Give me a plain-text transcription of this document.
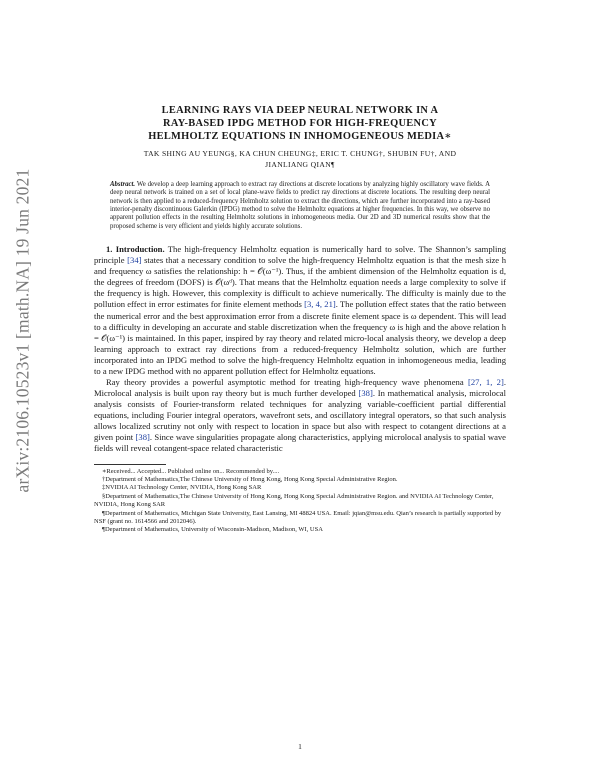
arXiv:2106.10523v1 [math.NA] 19 Jun 2021
LEARNING RAYS VIA DEEP NEURAL NETWORK IN A
RAY-BASED IPDG METHOD FOR HIGH-FREQUENCY
HELMHOLTZ EQUATIONS IN INHOMOGENEOUS MEDIA∗
TAK SHING AU YEUNG§, KA CHUN CHEUNG‡, ERIC T. CHUNG†, SHUBIN FU†, AND
JIANLIANG QIAN¶
Abstract. We develop a deep learning approach to extract ray directions at discrete locations by analyzing highly oscillatory wave fields. A deep neural network is trained on a set of local plane-wave fields to predict ray directions at discrete locations. The resulting deep neural network is then applied to a reduced-frequency Helmholtz solution to extract the directions, which are further incorporated into a ray-based interior-penalty discontinuous Galerkin (IPDG) method to solve the Helmholtz equations at higher frequencies. In this way, we observe no apparent pollution effects in the resulting Helmholtz solutions in inhomogeneous media. Our 2D and 3D numerical results show that the proposed scheme is very efficient and yields highly accurate solutions.

1. Introduction. The high-frequency Helmholtz equation is numerically hard to solve. The Shannon’s sampling principle [34] states that a necessary condition to solve the high-frequency Helmholtz equation is that the mesh size h and frequency ω satisfies the relationship: h = 𝒪(ω⁻¹). Thus, if the ambient dimension of the Helmholtz equation is d, the degrees of freedom (DOFS) is 𝒪(ωᵈ). That means that the Helmholtz equation needs a large complexity to solve if the frequency is high. However, this complexity is difficult to achieve numerically. The difficulty is mainly due to the pollution effect in error estimates for finite element methods [3, 4, 21]. The pollution effect states that the ratio between the numerical error and the best approximation error from a discrete finite element space is ω dependent. This will lead to a difficulty in developing an accurate and stable discretization when the frequency ω is high and the above relation h = 𝒪(ω⁻¹) is maintained. In this paper, inspired by ray theory and related micro-local analysis theory, we develop a deep learning approach to extract ray directions from a reduced-frequency Helmholtz solution, which are further incorporated into an IPDG method to solve the high-frequency Helmholtz equation in inhomogeneous media, leading to a new IPDG method with no apparent pollution effect for Helmholtz equations.

Ray theory provides a powerful asymptotic method for treating high-frequency wave phenomena [27, 1, 2]. Microlocal analysis is built upon ray theory but is much further developed [38]. In mathematical analysis, microlocal analysis consists of Fourier-transform related techniques for analyzing variable-coefficient partial differential equations, including Fourier integral operators, wavefront sets, and oscillatory integral operators, so that such analysis allows localized scrutiny not only with respect to location in space but also with respect to cotangent directions at a given point [38]. Since wave singularities propagate along characteristics, applying microlocal analysis to spatial wave fields will reveal cotangent-space related characteristic

∗Received... Accepted... Published online on... Recommended by....
†Department of Mathematics,The Chinese University of Hong Kong, Hong Kong Special Administrative Region.
‡NVIDIA AI Technology Center, NVIDIA, Hong Kong SAR
§Department of Mathematics,The Chinese University of Hong Kong, Hong Kong Special Administrative Region. and NVIDIA AI Technology Center, NVIDIA, Hong Kong SAR
¶Department of Mathematics, Michigan State University, East Lansing, MI 48824 USA. Email: jqian@msu.edu. Qian’s research is partially supported by NSF (grant no. 1614566 and 2012046).
¶Department of Mathematics, University of Wisconsin-Madison, Madison, WI, USA
1
